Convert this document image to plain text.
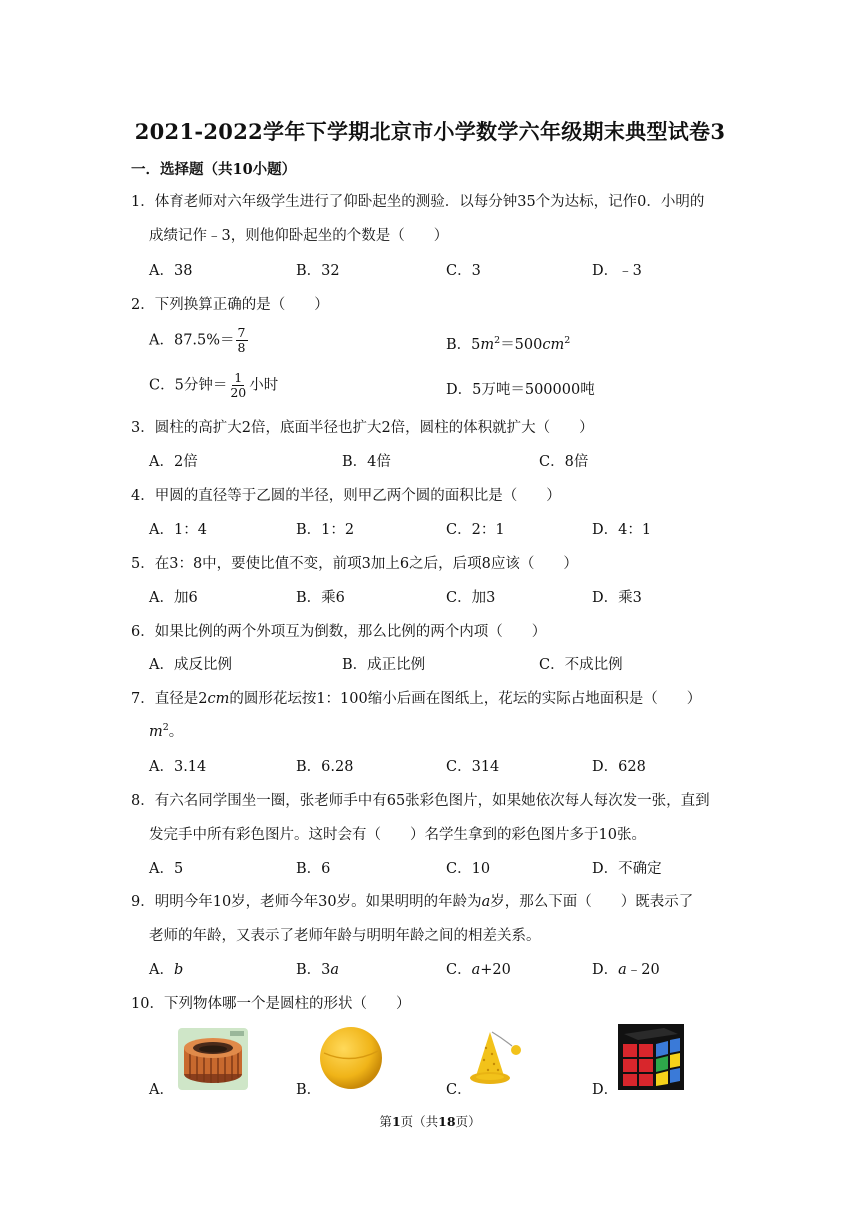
2021-2022学年下学期北京市小学数学六年级期末典型试卷3
一．选择题（共10小题）
1．体育老师对六年级学生进行了仰卧起坐的测验．以每分钟35个为达标，记作0．小明的
成绩记作﹣3，则他仰卧起坐的个数是（　　）
A．38	B．32	C．3	D．﹣3
2．下列换算正确的是（　　）
A．$87.5\%= \frac{7}{8}$	B．$5m^2=500cm^2$
C．5分钟＝ $\frac{1}{20}$ 小时	D．5万吨＝500000吨
3．圆柱的高扩大2倍，底面半径也扩大2倍，圆柱的体积就扩大（　　）
A．2倍	B．4倍	C．8倍
4．甲圆的直径等于乙圆的半径，则甲乙两个圆的面积比是（　　）
A．1：4	B．1：2	C．2：1	D．4：1
5．在3：8中，要使比值不变，前项3加上6之后，后项8应该（　　）
A．加6	B．乘6	C．加3	D．乘3
6．如果比例的两个外项互为倒数，那么比例的两个内项（　　）
A．成反比例	B．成正比例	C．不成比例
7．直径是2cm的圆形花坛按1：100缩小后画在图纸上，花坛的实际占地面积是（　　）
$m^2$。
A．3.14	B．6.28	C．314	D．628
8．有六名同学围坐一圈，张老师手中有65张彩色图片，如果她依次每人每次发一张，直到
发完手中所有彩色图片。这时会有（　　）名学生拿到的彩色图片多于10张。
A．5	B．6	C．10	D．不确定
9．明明今年10岁，老师今年30岁。如果明明的年龄为a岁，那么下面（　　）既表示了
老师的年龄，又表示了老师年龄与明明年龄之间的相差关系。
A．b	B．3a	C．a+20	D．a﹣20
10．下列物体哪一个是圆柱的形状（　　）
A．	B．	C．	D．
第1页（共18页）
